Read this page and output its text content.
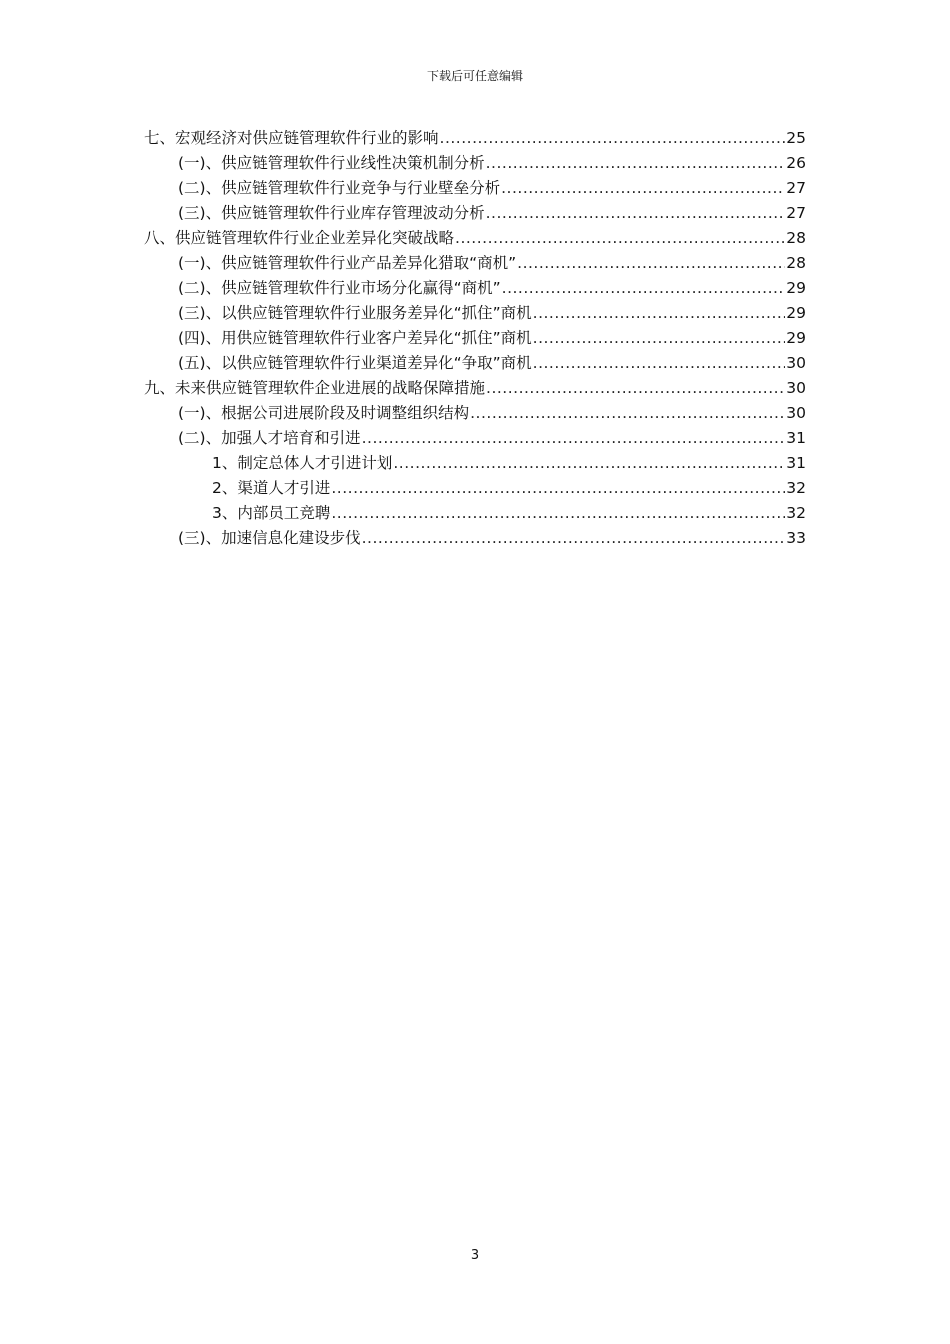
下载后可任意编辑
七、宏观经济对供应链管理软件行业的影响 .....	25
(一)、供应链管理软件行业线性决策机制分析 .....	26
(二)、供应链管理软件行业竞争与行业壁垒分析 .....	27
(三)、供应链管理软件行业库存管理波动分析 .....	27
八、供应链管理软件行业企业差异化突破战略 .....	28
(一)、供应链管理软件行业产品差异化猎取“商机” .....	28
(二)、供应链管理软件行业市场分化赢得“商机” .....	29
(三)、以供应链管理软件行业服务差异化“抓住”商机 .....	29
(四)、用供应链管理软件行业客户差异化“抓住”商机 .....	29
(五)、以供应链管理软件行业渠道差异化“争取”商机 .....	30
九、未来供应链管理软件企业进展的战略保障措施 .....	30
(一)、根据公司进展阶段及时调整组织结构 .....	30
(二)、加强人才培育和引进 .....	31
1、制定总体人才引进计划 .....	31
2、渠道人才引进 .....	32
3、内部员工竞聘 .....	32
(三)、加速信息化建设步伐 .....	33
3
